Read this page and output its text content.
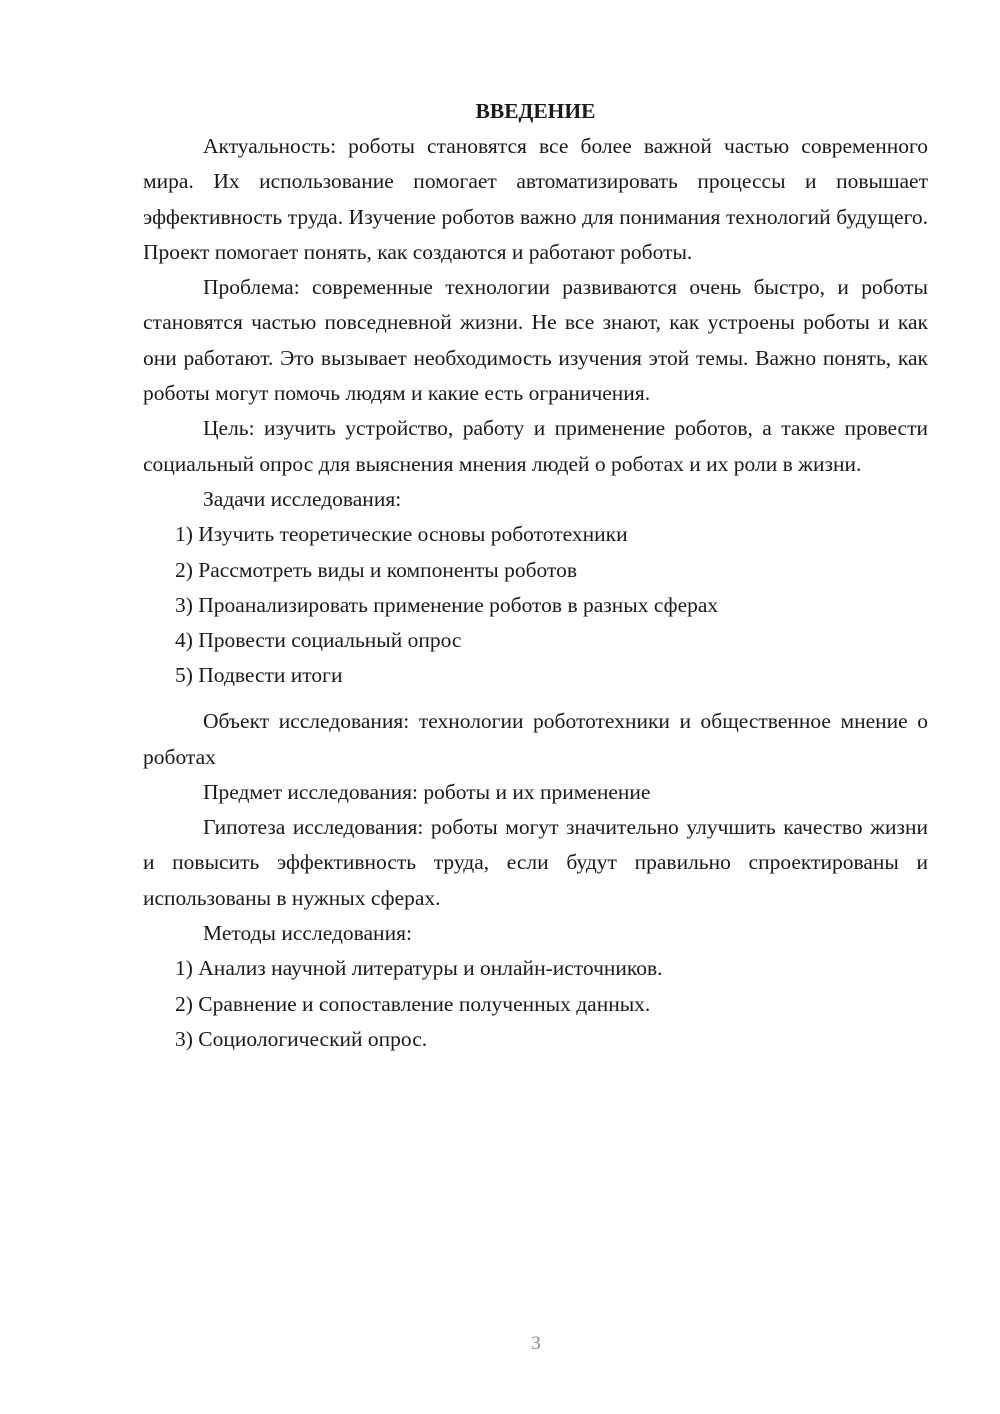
ВВЕДЕНИЕ

Актуальность: роботы становятся все более важной частью современного мира. Их использование помогает автоматизировать процессы и повышает эффективность труда. Изучение роботов важно для понимания технологий будущего. Проект помогает понять, как создаются и работают роботы.

Проблема: современные технологии развиваются очень быстро, и роботы становятся частью повседневной жизни. Не все знают, как устроены роботы и как они работают. Это вызывает необходимость изучения этой темы. Важно понять, как роботы могут помочь людям и какие есть ограничения.

Цель: изучить устройство, работу и применение роботов, а также провести социальный опрос для выяснения мнения людей о роботах и их роли в жизни.

Задачи исследования:

1) Изучить теоретические основы робототехники

2) Рассмотреть виды и компоненты роботов

3) Проанализировать применение роботов в разных сферах

4) Провести социальный опрос

5) Подвести итоги

Объект исследования: технологии робототехники и общественное мнение о роботах

Предмет исследования: роботы и их применение

Гипотеза исследования: роботы могут значительно улучшить качество жизни и повысить эффективность труда, если будут правильно спроектированы и использованы в нужных сферах.

Методы исследования:

1) Анализ научной литературы и онлайн-источников.

2) Сравнение и сопоставление полученных данных.

3) Социологический опрос.

3
